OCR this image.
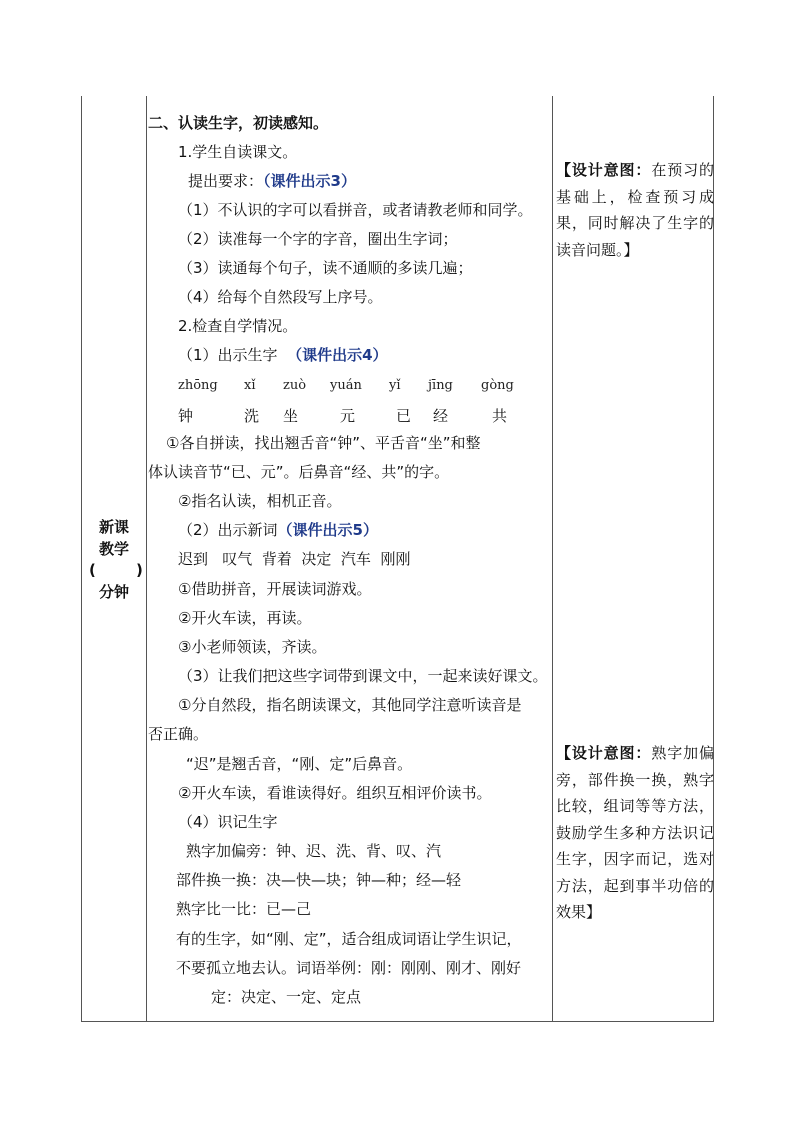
新课
教学
(	)
分钟
二、认读生字，初读感知。
1.学生自读课文。
提出要求：（课件出示3）
（1）不认识的字可以看拼音，或者请教老师和同学。
（2）读准每一个字的字音，圈出生字词；
（3）读通每个句子，读不通顺的多读几遍；
（4）给每个自然段写上序号。
2.检查自学情况。
（1）出示生字 （课件出示4）
zhōng xǐ zuò yuán yǐ jīng gòng
钟	洗 坐	元	已 经	共
①各自拼读，找出翘舌音“钟”、平舌音“坐”和整
体认读音节“已、元”。后鼻音“经、共”的字。
②指名认读，相机正音。
（2）出示新词（课件出示5）
迟到   叹气  背着  决定  汽车  刚刚
①借助拼音，开展读词游戏。
②开火车读，再读。
③小老师领读，齐读。
（3）让我们把这些字词带到课文中，一起来读好课文。
①分自然段，指名朗读课文，其他同学注意听读音是
否正确。
“迟”是翘舌音，“刚、定”后鼻音。
②开火车读，看谁读得好。组织互相评价读书。
（4）识记生字
熟字加偏旁：钟、迟、洗、背、叹、汽
部件换一换：决—快—块；钟—种；经—轻
熟字比一比：已—己
有的生字，如“刚、定”，适合组成词语让学生识记，
不要孤立地去认。词语举例：刚：刚刚、刚才、刚好
定：决定、一定、定点
【设计意图：在预习的基础上，检查预习成果，同时解决了生字的读音问题。】
【设计意图：熟字加偏旁，部件换一换，熟字比较，组词等等方法，鼓励学生多种方法识记生字，因字而记，选对方法，起到事半功倍的效果】
